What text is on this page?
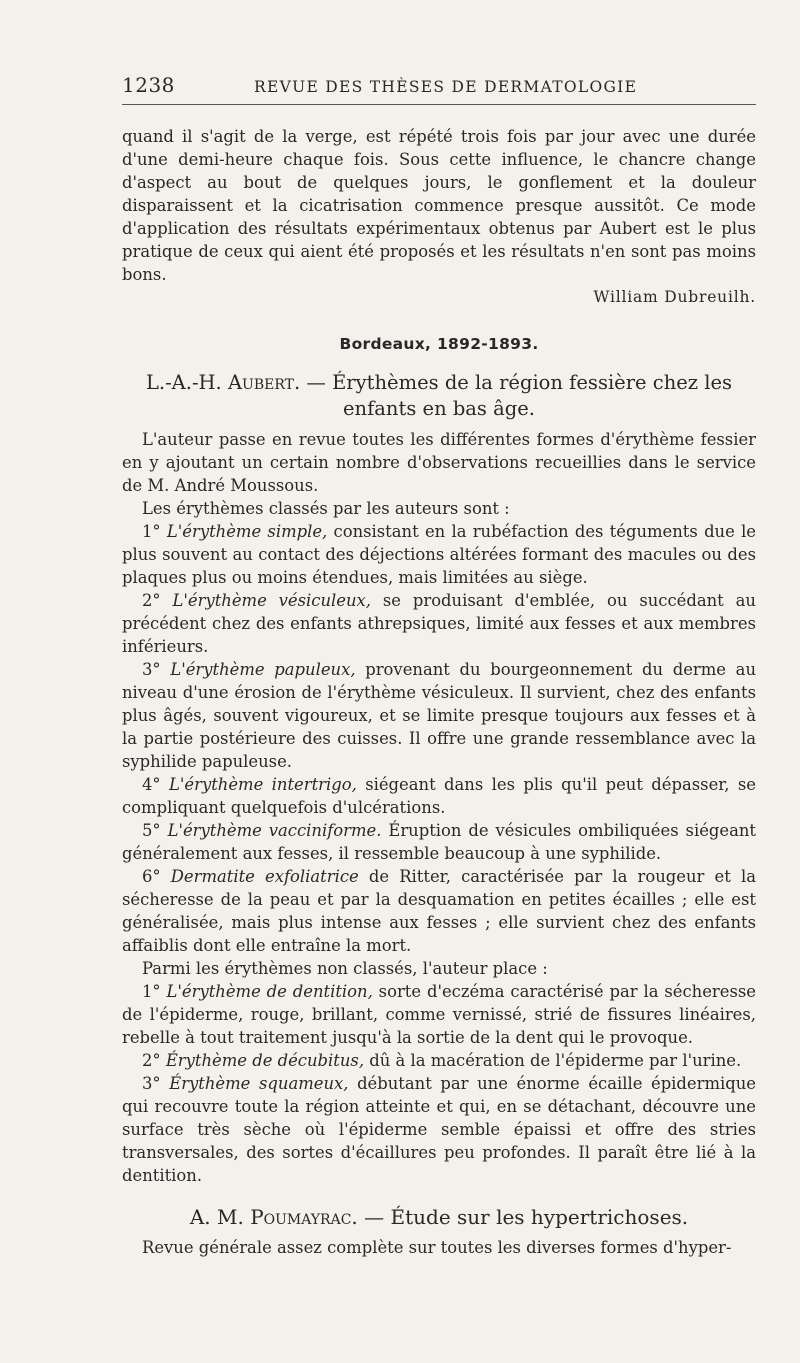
1238	REVUE DES THÈSES DE DERMATOLOGIE

quand il s'agit de la verge, est répété trois fois par jour avec une durée d'une demi-heure chaque fois. Sous cette influence, le chancre change d'aspect au bout de quelques jours, le gonflement et la douleur disparaissent et la cicatrisation commence presque aussitôt. Ce mode d'application des résultats expérimentaux obtenus par Aubert est le plus pratique de ceux qui aient été proposés et les résultats n'en sont pas moins bons.

William Dubreuilh.

Bordeaux, 1892-1893.
L.-A.-H. Aubert. — Érythèmes de la région fessière chez les enfants en bas âge.

L'auteur passe en revue toutes les différentes formes d'érythème fessier en y ajoutant un certain nombre d'observations recueillies dans le service de M. André Moussous.

Les érythèmes classés par les auteurs sont :

1° L'érythème simple, consistant en la rubéfaction des téguments due le plus souvent au contact des déjections altérées formant des macules ou des plaques plus ou moins étendues, mais limitées au siège.

2° L'érythème vésiculeux, se produisant d'emblée, ou succédant au précédent chez des enfants athrepsiques, limité aux fesses et aux membres inférieurs.

3° L'érythème papuleux, provenant du bourgeonnement du derme au niveau d'une érosion de l'érythème vésiculeux. Il survient, chez des enfants plus âgés, souvent vigoureux, et se limite presque toujours aux fesses et à la partie postérieure des cuisses. Il offre une grande ressemblance avec la syphilide papuleuse.

4° L'érythème intertrigo, siégeant dans les plis qu'il peut dépasser, se compliquant quelquefois d'ulcérations.

5° L'érythème vacciniforme. Éruption de vésicules ombiliquées siégeant généralement aux fesses, il ressemble beaucoup à une syphilide.

6° Dermatite exfoliatrice de Ritter, caractérisée par la rougeur et la sécheresse de la peau et par la desquamation en petites écailles ; elle est généralisée, mais plus intense aux fesses ; elle survient chez des enfants affaiblis dont elle entraîne la mort.

Parmi les érythèmes non classés, l'auteur place :

1° L'érythème de dentition, sorte d'eczéma caractérisé par la sécheresse de l'épiderme, rouge, brillant, comme vernissé, strié de fissures linéaires, rebelle à tout traitement jusqu'à la sortie de la dent qui le provoque.

2° Érythème de décubitus, dû à la macération de l'épiderme par l'urine.

3° Érythème squameux, débutant par une énorme écaille épidermique qui recouvre toute la région atteinte et qui, en se détachant, découvre une surface très sèche où l'épiderme semble épaissi et offre des stries transversales, des sortes d'écaillures peu profondes. Il paraît être lié à la dentition.

A. M. Poumayrac. — Étude sur les hypertrichoses.

Revue générale assez complète sur toutes les diverses formes d'hyper-
